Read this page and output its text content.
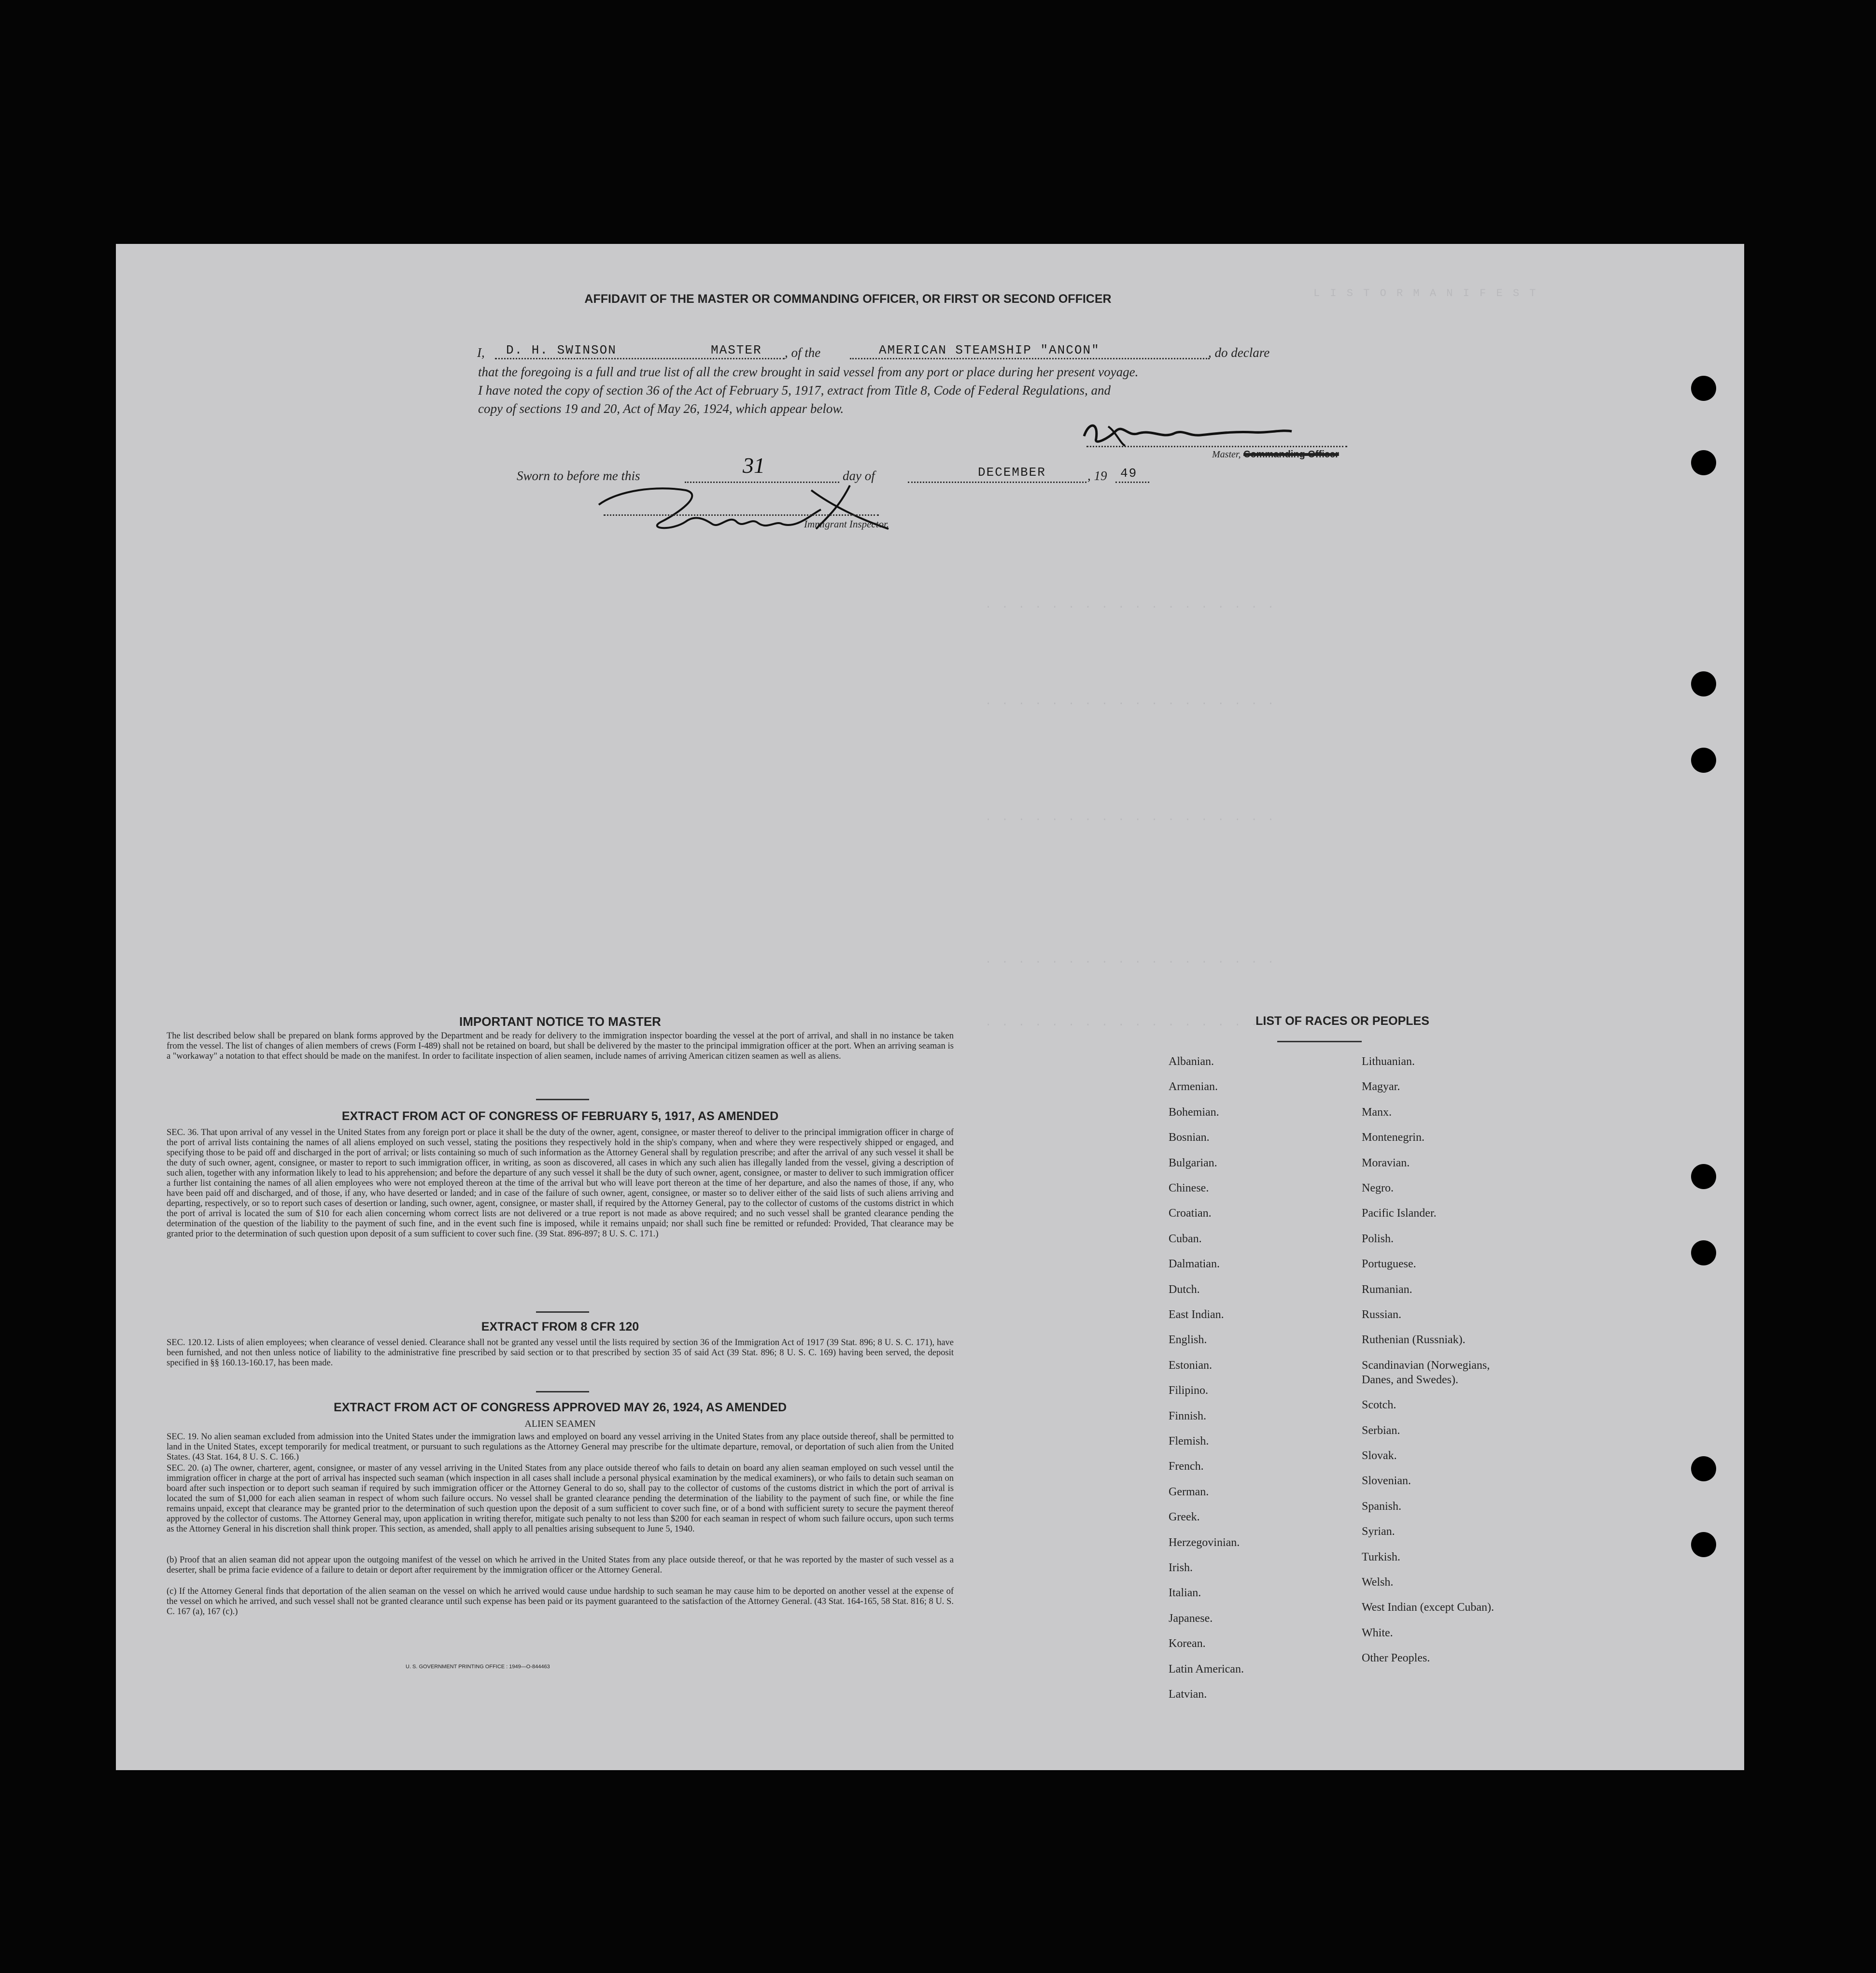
L I S T O R M A N I F E S T
. . . . . . . . . . . . . . . . . .
. . . . . . . . . . . . . . . . . .
. . . . . . . . . . . . . . . . . .
. . . . . . . . . . . . . . . . . .
. . . . . . . . . . . . . . . . . .
AFFIDAVIT OF THE MASTER OR COMMANDING OFFICER, OR FIRST OR SECOND OFFICER
I, D. H. SWINSON	MASTER , of the	AMERICAN STEAMSHIP "ANCON"	, do declare
that the foregoing is a full and true list of all the crew brought in said vessel from any port or place during her present voyage.
I have noted the copy of section 36 of the Act of February 5, 1917, extract from Title 8, Code of Federal Regulations, and
copy of sections 19 and 20, Act of May 26, 1924, which appear below.
Master, Commanding Officer
Sworn to before me this	31	day of	DECEMBER	, 19 49
Immigrant Inspector.
IMPORTANT NOTICE TO MASTER
The list described below shall be prepared on blank forms approved by the Department and be ready for delivery to the immigration inspector boarding the vessel at the port of arrival, and shall in no instance be taken from the vessel. The list of changes of alien members of crews (Form I-489) shall not be retained on board, but shall be delivered by the master to the principal immigration officer at the port. When an arriving seaman is a "workaway" a notation to that effect should be made on the manifest. In order to facilitate inspection of alien seamen, include names of arriving American citizen seamen as well as aliens.
EXTRACT FROM ACT OF CONGRESS OF FEBRUARY 5, 1917, AS AMENDED
SEC. 36. That upon arrival of any vessel in the United States from any foreign port or place it shall be the duty of the owner, agent, consignee, or master thereof to deliver to the principal immigration officer in charge of the port of arrival lists containing the names of all aliens employed on such vessel, stating the positions they respectively hold in the ship's company, when and where they were respectively shipped or engaged, and specifying those to be paid off and discharged in the port of arrival; or lists containing so much of such information as the Attorney General shall by regulation prescribe; and after the arrival of any such vessel it shall be the duty of such owner, agent, consignee, or master to report to such immigration officer, in writing, as soon as discovered, all cases in which any such alien has illegally landed from the vessel, giving a description of such alien, together with any information likely to lead to his apprehension; and before the departure of any such vessel it shall be the duty of such owner, agent, consignee, or master to deliver to such immigration officer a further list containing the names of all alien employees who were not employed thereon at the time of the arrival but who will leave port thereon at the time of her departure, and also the names of those, if any, who have been paid off and discharged, and of those, if any, who have deserted or landed; and in case of the failure of such owner, agent, consignee, or master so to deliver either of the said lists of such aliens arriving and departing, respectively, or so to report such cases of desertion or landing, such owner, agent, consignee, or master shall, if required by the Attorney General, pay to the collector of customs of the customs district in which the port of arrival is located the sum of $10 for each alien concerning whom correct lists are not delivered or a true report is not made as above required; and no such vessel shall be granted clearance pending the determination of the question of the liability to the payment of such fine, and in the event such fine is imposed, while it remains unpaid; nor shall such fine be remitted or refunded: Provided, That clearance may be granted prior to the determination of such question upon deposit of a sum sufficient to cover such fine. (39 Stat. 896-897; 8 U. S. C. 171.)
EXTRACT FROM 8 CFR 120
SEC. 120.12. Lists of alien employees; when clearance of vessel denied. Clearance shall not be granted any vessel until the lists required by section 36 of the Immigration Act of 1917 (39 Stat. 896; 8 U. S. C. 171), have been furnished, and not then unless notice of liability to the administrative fine prescribed by said section or to that prescribed by section 35 of said Act (39 Stat. 896; 8 U. S. C. 169) having been served, the deposit specified in §§ 160.13-160.17, has been made.
EXTRACT FROM ACT OF CONGRESS APPROVED MAY 26, 1924, AS AMENDED
ALIEN SEAMEN
SEC. 19. No alien seaman excluded from admission into the United States under the immigration laws and employed on board any vessel arriving in the United States from any place outside thereof, shall be permitted to land in the United States, except temporarily for medical treatment, or pursuant to such regulations as the Attorney General may prescribe for the ultimate departure, removal, or deportation of such alien from the United States. (43 Stat. 164, 8 U. S. C. 166.)
SEC. 20. (a) The owner, charterer, agent, consignee, or master of any vessel arriving in the United States from any place outside thereof who fails to detain on board any alien seaman employed on such vessel until the immigration officer in charge at the port of arrival has inspected such seaman (which inspection in all cases shall include a personal physical examination by the medical examiners), or who fails to detain such seaman on board after such inspection or to deport such seaman if required by such immigration officer or the Attorney General to do so, shall pay to the collector of customs of the customs district in which the port of arrival is located the sum of $1,000 for each alien seaman in respect of whom such failure occurs. No vessel shall be granted clearance pending the determination of the liability to the payment of such fine, or while the fine remains unpaid, except that clearance may be granted prior to the determination of such question upon the deposit of a sum sufficient to cover such fine, or of a bond with sufficient surety to secure the payment thereof approved by the collector of customs. The Attorney General may, upon application in writing therefor, mitigate such penalty to not less than $200 for each seaman in respect of whom such failure occurs, upon such terms as the Attorney General in his discretion shall think proper. This section, as amended, shall apply to all penalties arising subsequent to June 5, 1940.
(b) Proof that an alien seaman did not appear upon the outgoing manifest of the vessel on which he arrived in the United States from any place outside thereof, or that he was reported by the master of such vessel as a deserter, shall be prima facie evidence of a failure to detain or deport after requirement by the immigration officer or the Attorney General.
(c) If the Attorney General finds that deportation of the alien seaman on the vessel on which he arrived would cause undue hardship to such seaman he may cause him to be deported on another vessel at the expense of the vessel on which he arrived, and such vessel shall not be granted clearance until such expense has been paid or its payment guaranteed to the satisfaction of the Attorney General. (43 Stat. 164-165, 58 Stat. 816; 8 U. S. C. 167 (a), 167 (c).)
U. S. GOVERNMENT PRINTING OFFICE : 1949—O-844463
LIST OF RACES OR PEOPLES
Albanian.
Armenian.
Bohemian.
Bosnian.
Bulgarian.
Chinese.
Croatian.
Cuban.
Dalmatian.
Dutch.
East Indian.
English.
Estonian.
Filipino.
Finnish.
Flemish.
French.
German.
Greek.
Herzegovinian.
Irish.
Italian.
Japanese.
Korean.
Latin American.
Latvian.
Lithuanian.
Magyar.
Manx.
Montenegrin.
Moravian.
Negro.
Pacific Islander.
Polish.
Portuguese.
Rumanian.
Russian.
Ruthenian (Russniak).
Scandinavian (Norwegians,
Danes, and Swedes).
Scotch.
Serbian.
Slovak.
Slovenian.
Spanish.
Syrian.
Turkish.
Welsh.
West Indian (except Cuban).
White.
Other Peoples.
